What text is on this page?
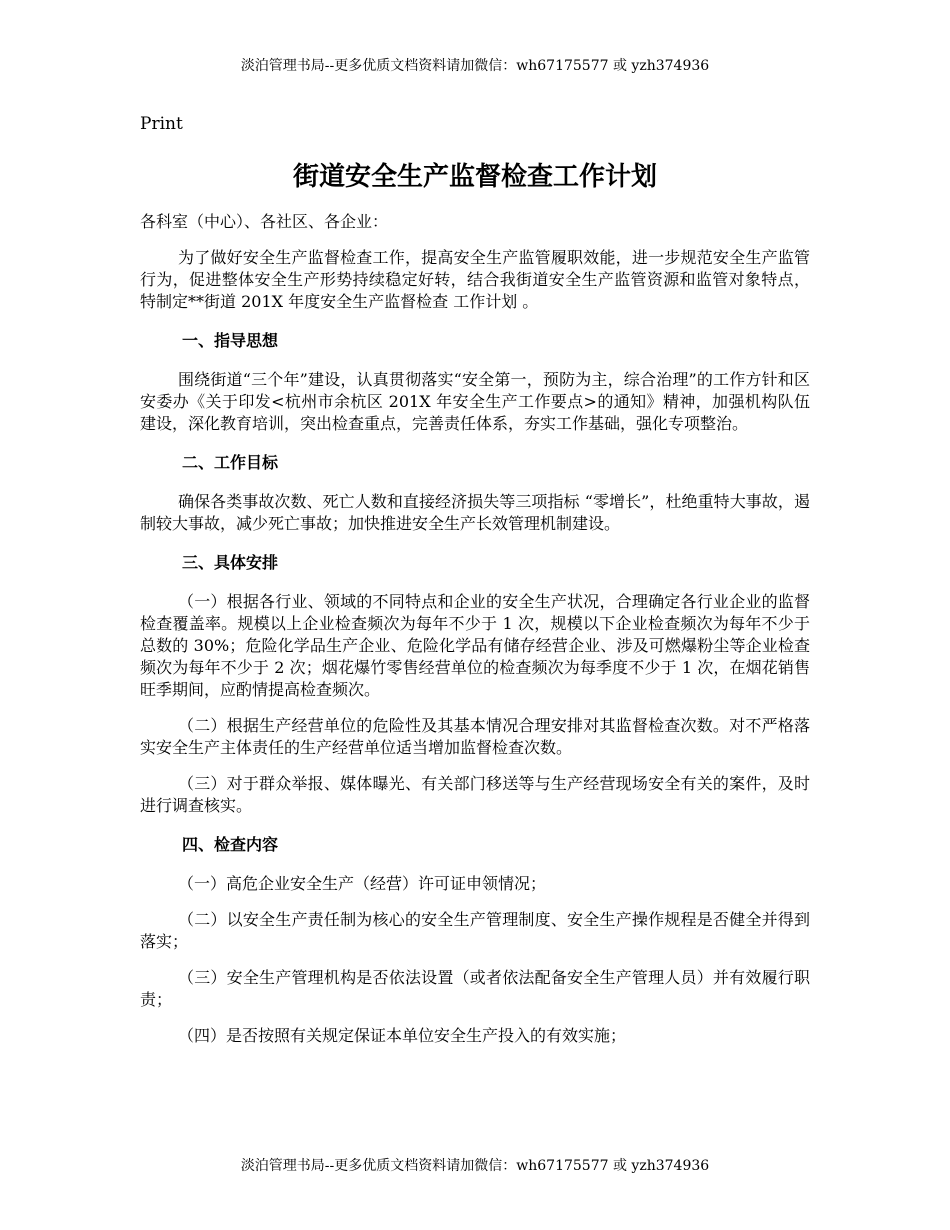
淡泊管理书局--更多优质文档资料请加微信：wh67175577 或 yzh374936
Print
街道安全生产监督检查工作计划

各科室（中心）、各社区、各企业：

为了做好安全生产监督检查工作，提高安全生产监管履职效能，进一步规范安全生产监管行为，促进整体安全生产形势持续稳定好转，结合我街道安全生产监管资源和监管对象特点，特制定**街道 201X 年度安全生产监督检查 工作计划 。

一、指导思想

围绕街道“三个年”建设，认真贯彻落实“安全第一，预防为主，综合治理”的工作方针和区安委办《关于印发<杭州市余杭区 201X 年安全生产工作要点>的通知》精神，加强机构队伍建设，深化教育培训，突出检查重点，完善责任体系，夯实工作基础，强化专项整治。

二、工作目标

确保各类事故次数、死亡人数和直接经济损失等三项指标 “零增长”，杜绝重特大事故，遏制较大事故，减少死亡事故；加快推进安全生产长效管理机制建设。

三、具体安排

（一）根据各行业、领域的不同特点和企业的安全生产状况，合理确定各行业企业的监督检查覆盖率。规模以上企业检查频次为每年不少于 1 次，规模以下企业检查频次为每年不少于总数的 30%；危险化学品生产企业、危险化学品有储存经营企业、涉及可燃爆粉尘等企业检查频次为每年不少于 2 次；烟花爆竹零售经营单位的检查频次为每季度不少于 1 次，在烟花销售旺季期间，应酌情提高检查频次。

（二）根据生产经营单位的危险性及其基本情况合理安排对其监督检查次数。对不严格落实安全生产主体责任的生产经营单位适当增加监督检查次数。

（三）对于群众举报、媒体曝光、有关部门移送等与生产经营现场安全有关的案件，及时进行调查核实。

四、检查内容

（一）高危企业安全生产（经营）许可证申领情况；

（二）以安全生产责任制为核心的安全生产管理制度、安全生产操作规程是否健全并得到落实；

（三）安全生产管理机构是否依法设置（或者依法配备安全生产管理人员）并有效履行职责；

（四）是否按照有关规定保证本单位安全生产投入的有效实施；

淡泊管理书局--更多优质文档资料请加微信：wh67175577 或 yzh374936
